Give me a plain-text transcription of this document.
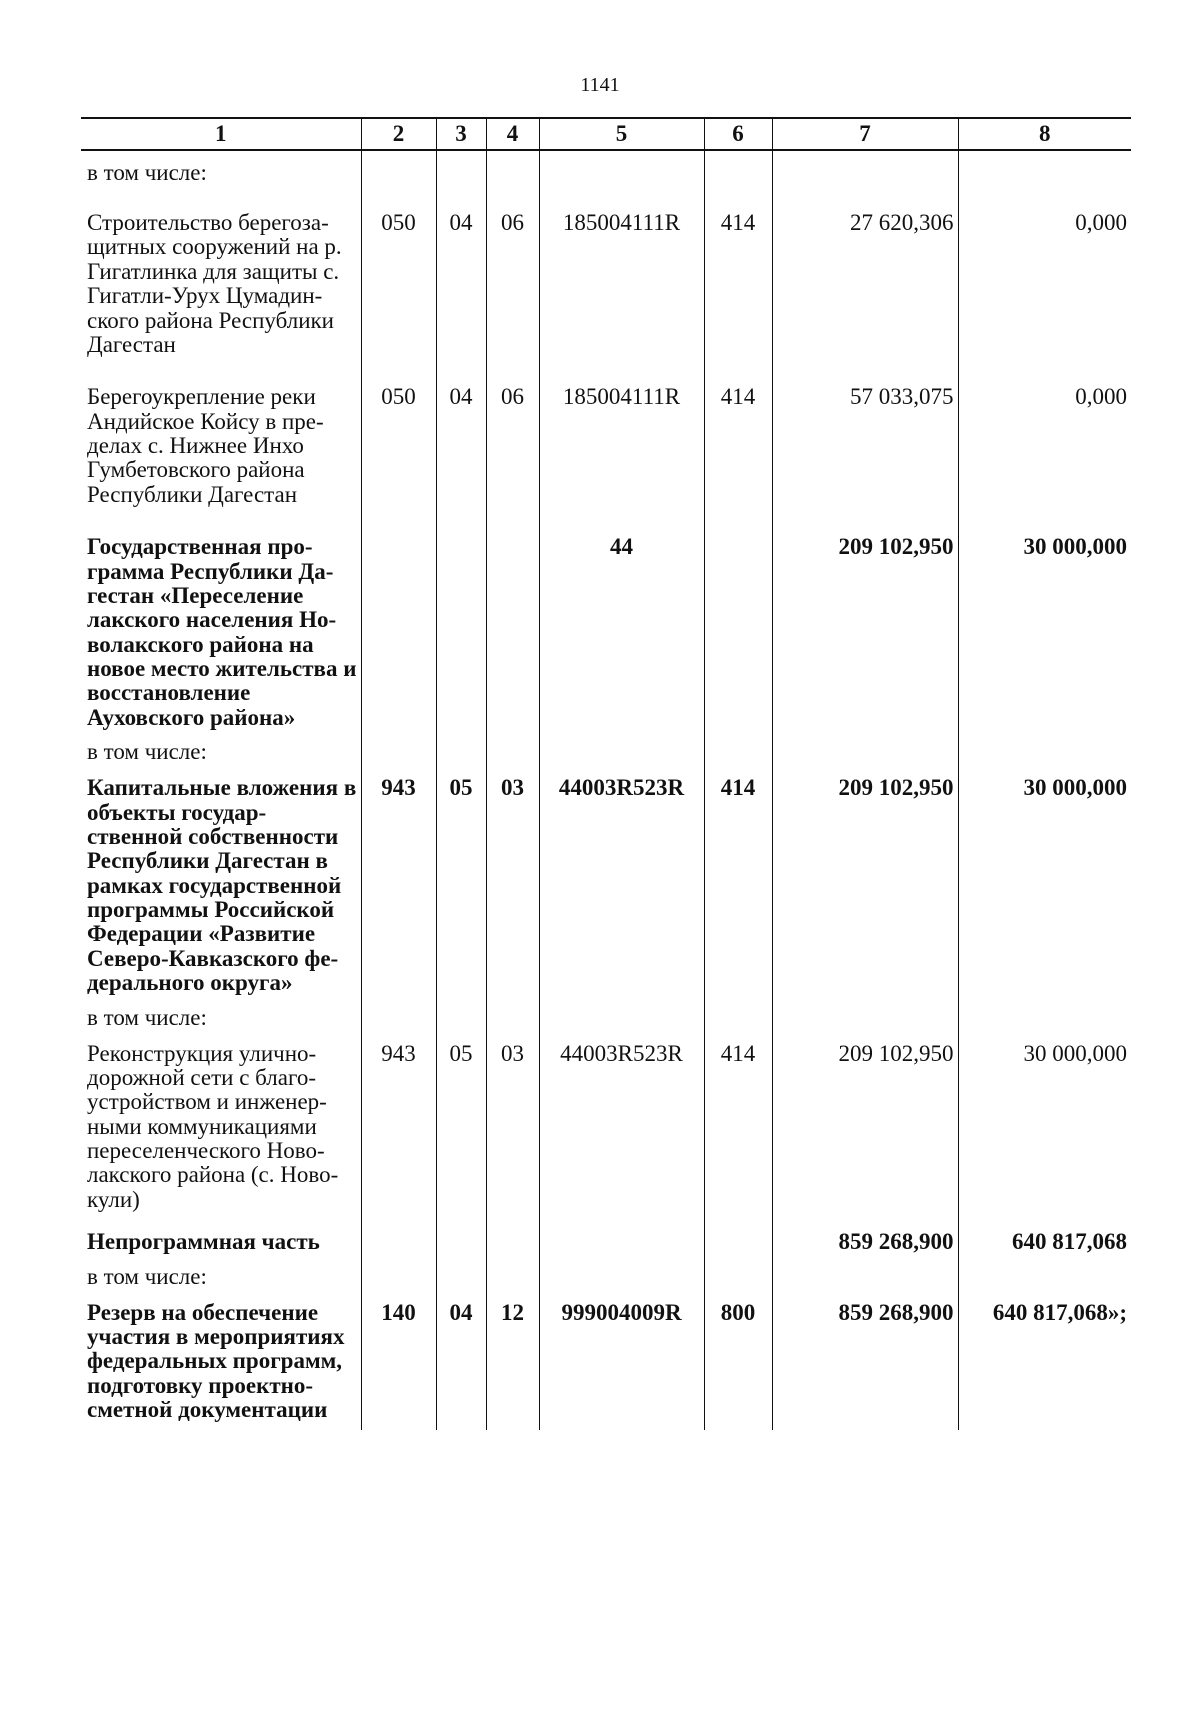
1141
1	2	3	4	5	6	7	8
в том числе:							
Строительство берегоза-щитных сооружений на р. Гигатлинка для защиты с. Гигатли-Урух Цумадин-ского района Республики Дагестан	050	04	06	185004111R	414	27 620,306	0,000
Берегоукрепление реки Андийское Койсу в пре-делах с. Нижнее Инхо Гумбетовского района Республики Дагестан	050	04	06	185004111R	414	57 033,075	0,000
Государственная про-грамма Республики Да-гестан «Переселение лакского населения Но-волакского района на новое место жительства и восстановление Ауховского района»				44		209 102,950	30 000,000
в том числе:							
Капитальные вложения в объекты государ-ственной собственности Республики Дагестан в рамках государственной программы Российской Федерации «Развитие Северо-Кавказского фе-дерального округа»	943	05	03	44003R523R	414	209 102,950	30 000,000
в том числе:							
Реконструкция улично-дорожной сети с благо-устройством и инженер-ными коммуникациями переселенческого Ново-лакского района (с. Ново-кули)	943	05	03	44003R523R	414	209 102,950	30 000,000
Непрограммная часть						859 268,900	640 817,068
в том числе:							
Резерв на обеспечение участия в мероприятиях федеральных программ, подготовку проектно-сметной документации	140	04	12	999004009R	800	859 268,900	640 817,068»;
